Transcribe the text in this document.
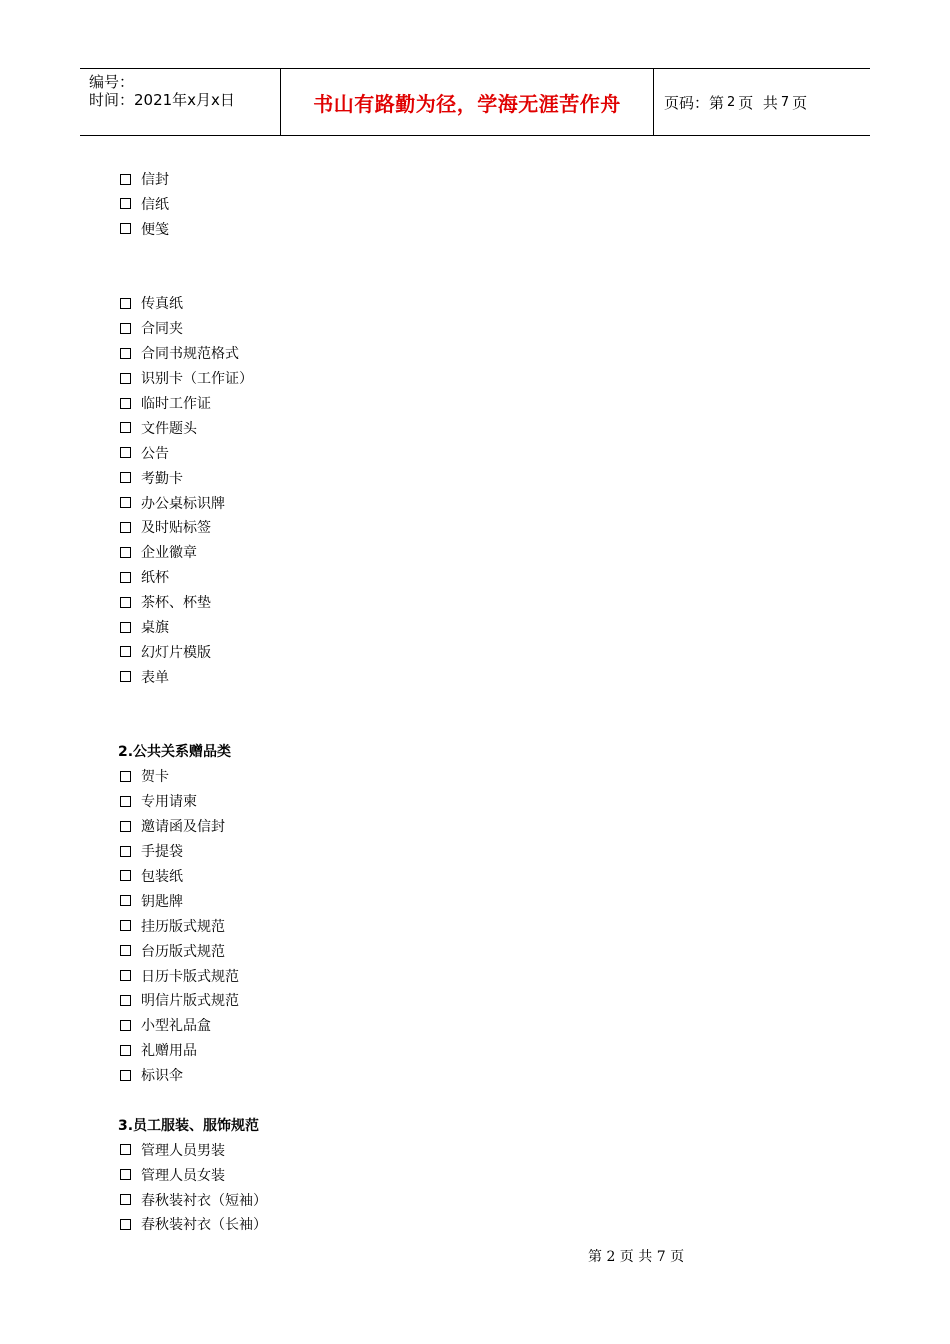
编号：
时间：2021年x月x日	书山有路勤为径，学海无涯苦作舟	页码：第 2 页  共 7 页
信封
信纸
便笺
传真纸
合同夹
合同书规范格式
识别卡（工作证）
临时工作证
文件题头
公告
考勤卡
办公桌标识牌
及时贴标签
企业徽章
纸杯
茶杯、杯垫
桌旗
幻灯片模版
表单
2.公共关系赠品类
贺卡
专用请柬
邀请函及信封
手提袋
包装纸
钥匙牌
挂历版式规范
台历版式规范
日历卡版式规范
明信片版式规范
小型礼品盒
礼赠用品
标识伞
3.员工服装、服饰规范
管理人员男装
管理人员女装
春秋装衬衣（短袖）
春秋装衬衣（长袖）
第 2 页 共 7 页
